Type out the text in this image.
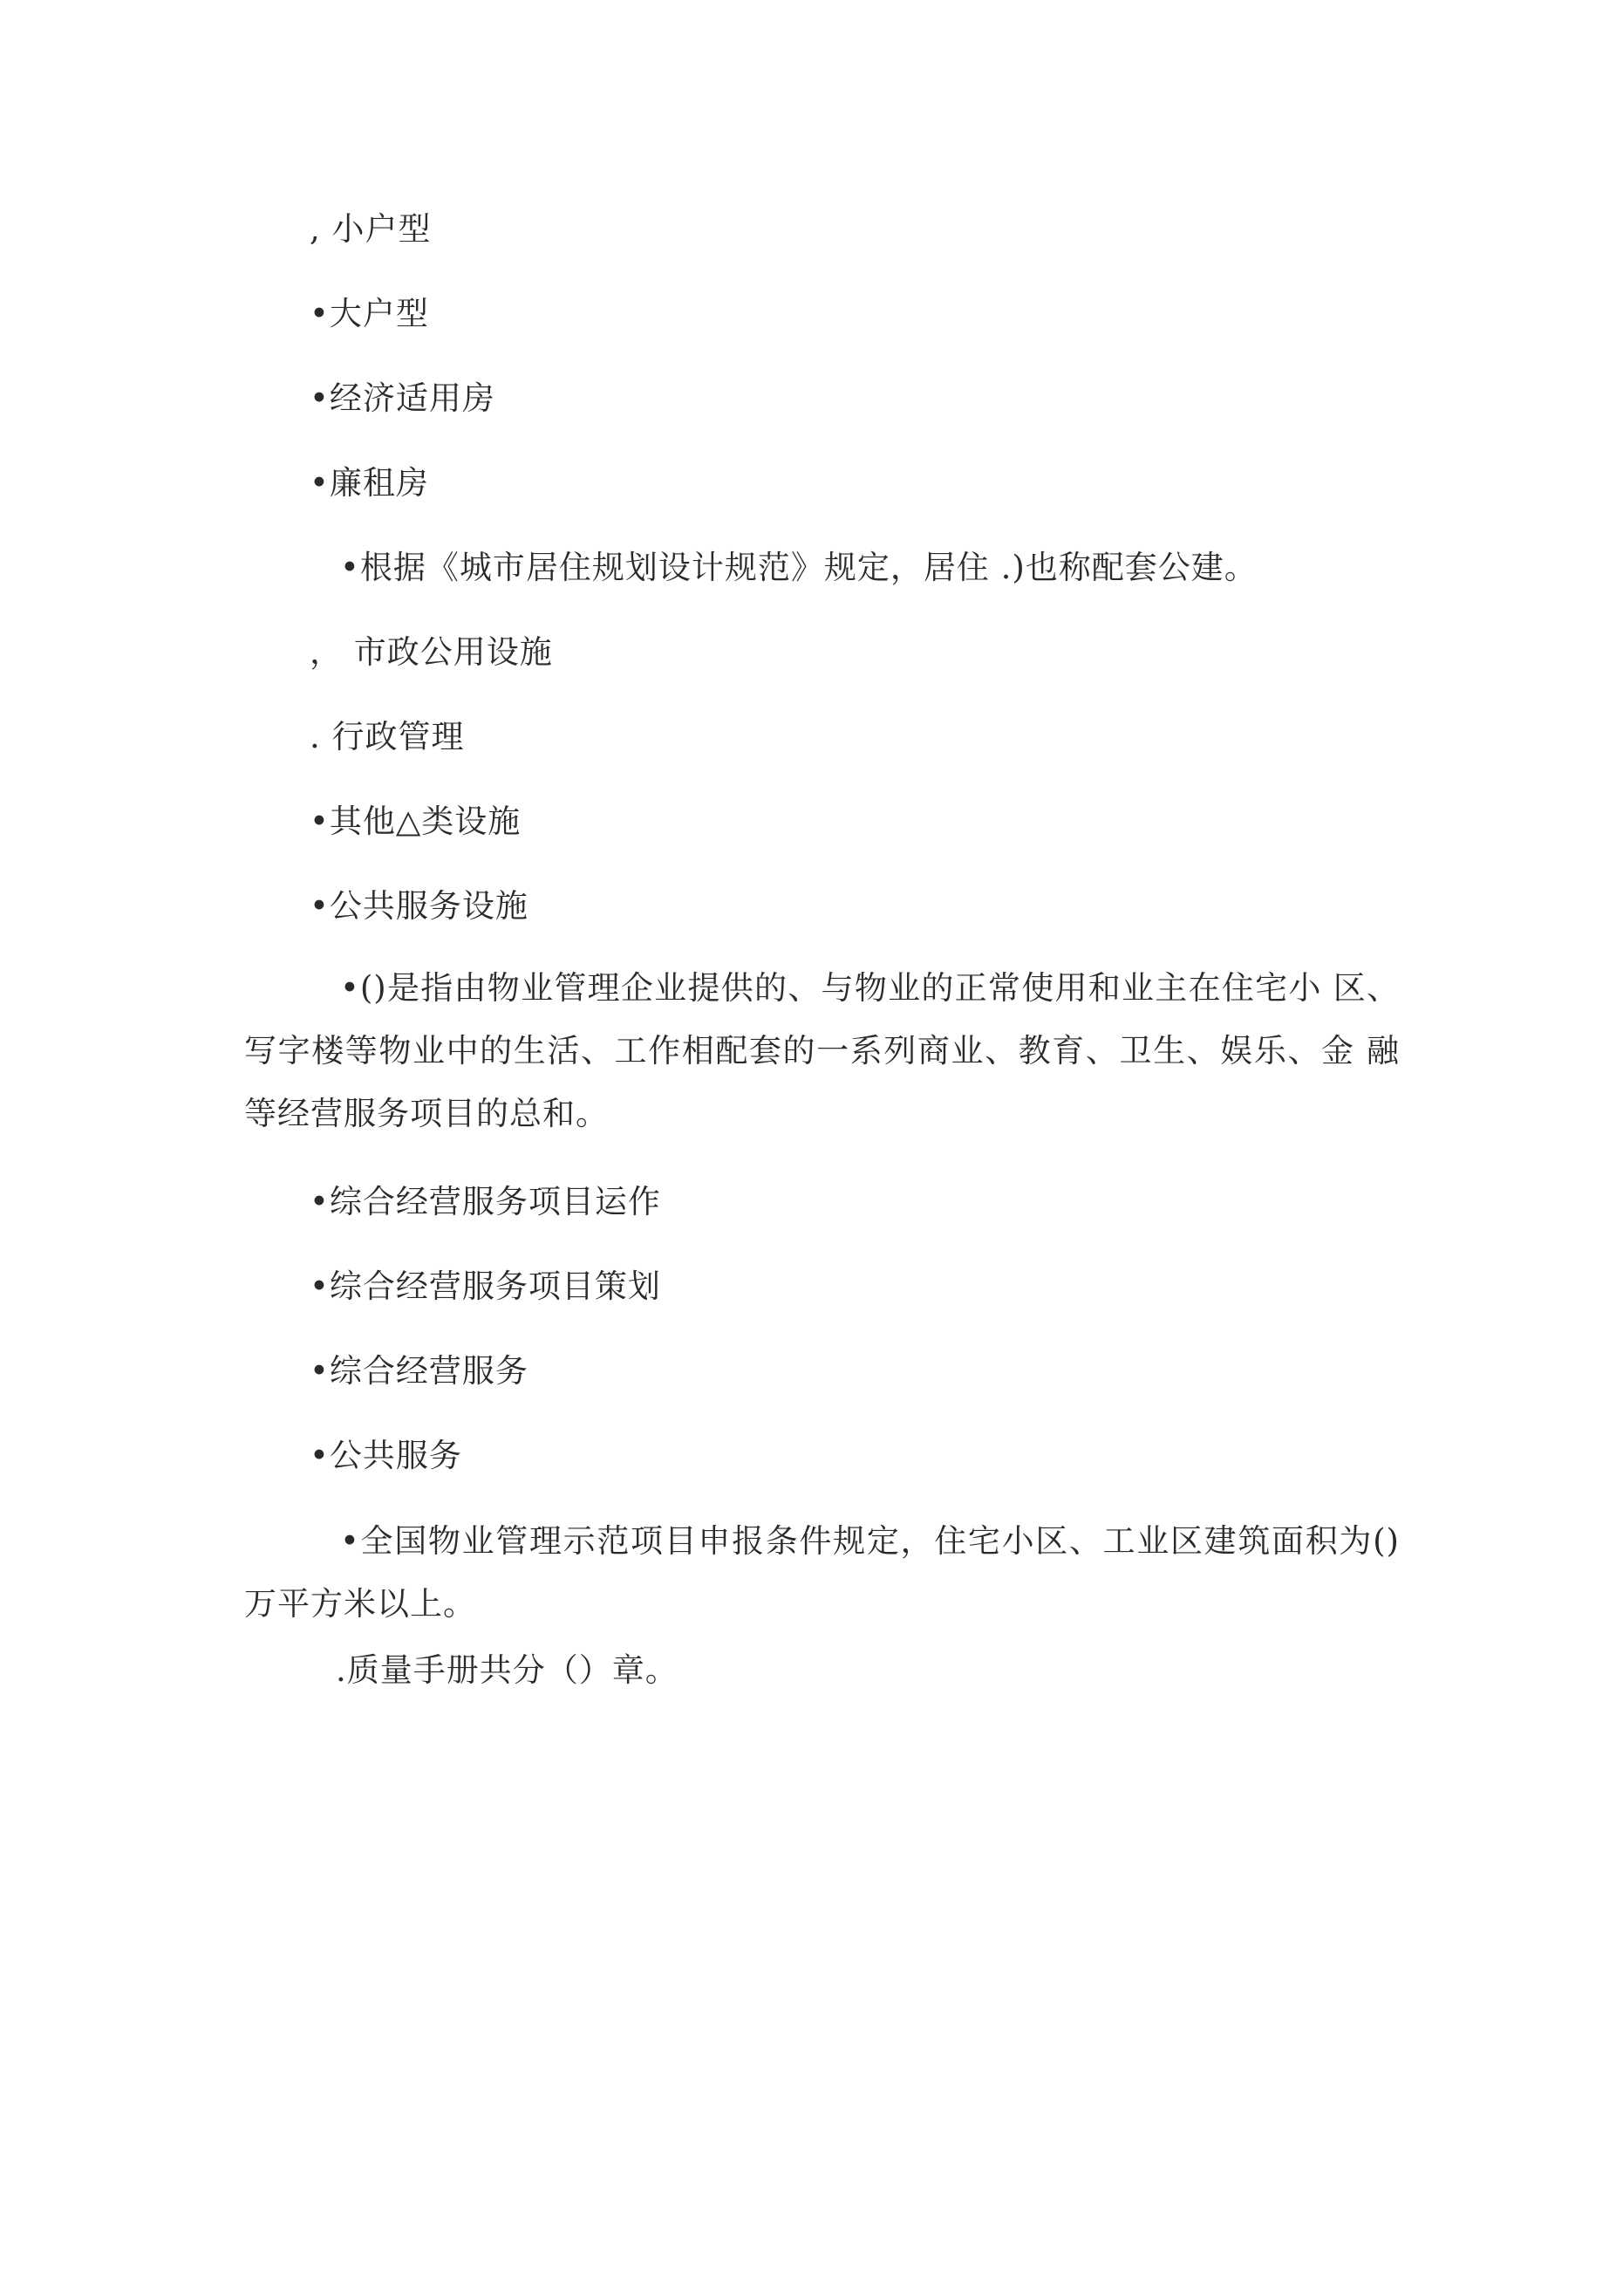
, 小户型
•大户型
•经济适用房
•廉租房
•根据《城市居住规划设计规范》规定，居住 .)也称配套公建。
， 市政公用设施
. 行政管理
•其他△类设施
•公共服务设施
•()是指由物业管理企业提供的、与物业的正常使用和业主在住宅小 区、写字楼等物业中的生活、工作相配套的一系列商业、教育、卫生、娱乐、金 融等经营服务项目的总和。
•综合经营服务项目运作
•综合经营服务项目策划
•综合经营服务
•公共服务
•全国物业管理示范项目申报条件规定，住宅小区、工业区建筑面积为()万平方米以上。
.质量手册共分（）章。
